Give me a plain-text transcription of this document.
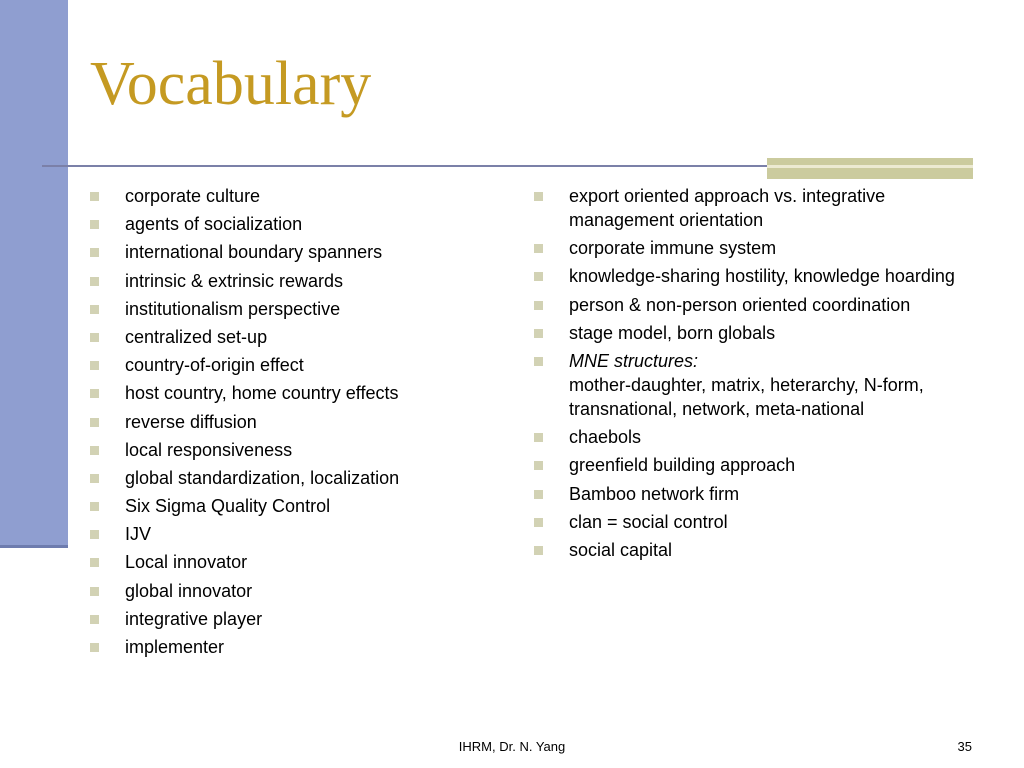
Vocabulary
corporate culture
agents of socialization
international boundary spanners
intrinsic & extrinsic rewards
institutionalism perspective
centralized set-up
country-of-origin effect
host country, home country effects
reverse diffusion
local responsiveness
global standardization, localization
Six Sigma Quality Control
IJV
Local innovator
global innovator
integrative player
implementer
export oriented approach vs. integrative management orientation
corporate immune system
knowledge-sharing hostility, knowledge hoarding
person & non-person oriented coordination
stage model, born globals
MNE structures:
mother-daughter, matrix, heterarchy, N-form, transnational, network, meta-national
chaebols
greenfield building approach
Bamboo network firm
clan = social control
social capital
IHRM, Dr. N. Yang	35
